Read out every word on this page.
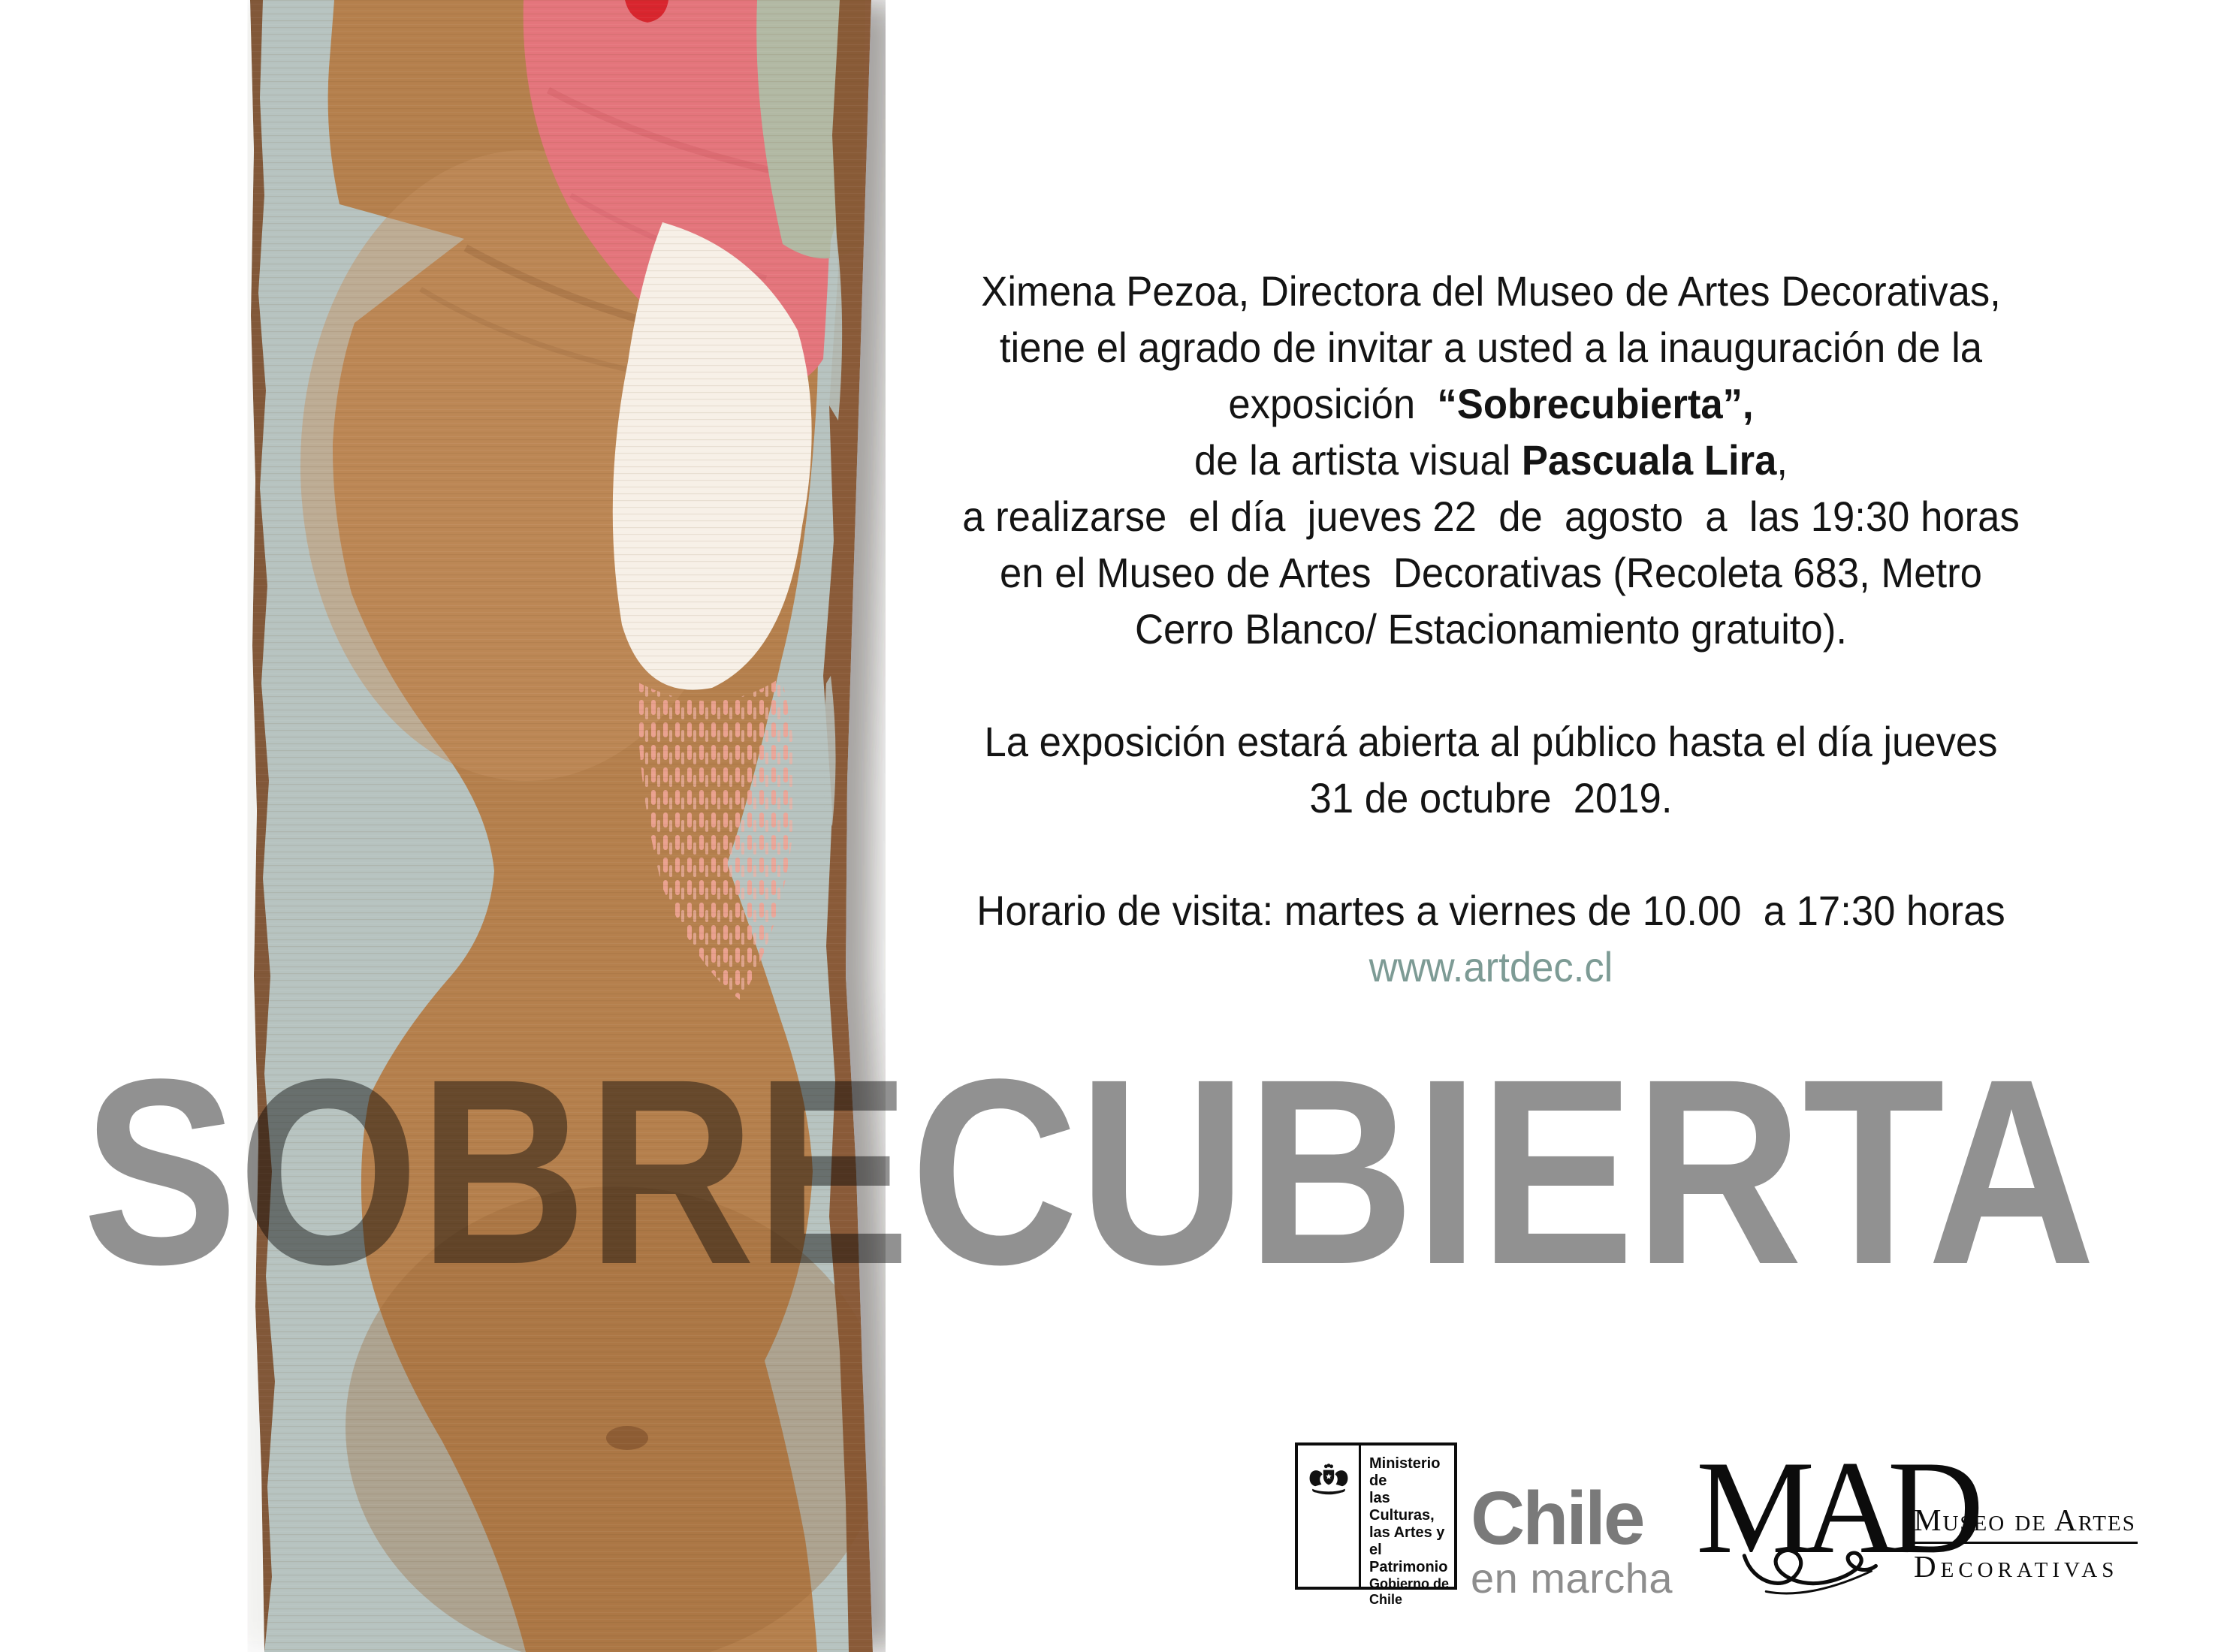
Ximena Pezoa, Directora del Museo de Artes Decorativas,
tiene el agrado de invitar a usted a la inauguración de la
exposición  “Sobrecubierta”,
de la artista visual Pascuala Lira,
a realizarse  el día  jueves 22  de  agosto  a  las 19:30 horas
en el Museo de Artes  Decorativas (Recoleta 683, Metro
Cerro Blanco/ Estacionamiento gratuito).
La exposición estará abierta al público hasta el día jueves
31 de octubre  2019.
Horario de visita: martes a viernes de 10.00  a 17:30 horas
www.artdec.cl
SOBRECUBIERTA
Ministerio de
las Culturas,
las Artes y
el Patrimonio
Gobierno de Chile
Chile
en marcha MAD
Museo de Artes
Decorativas
